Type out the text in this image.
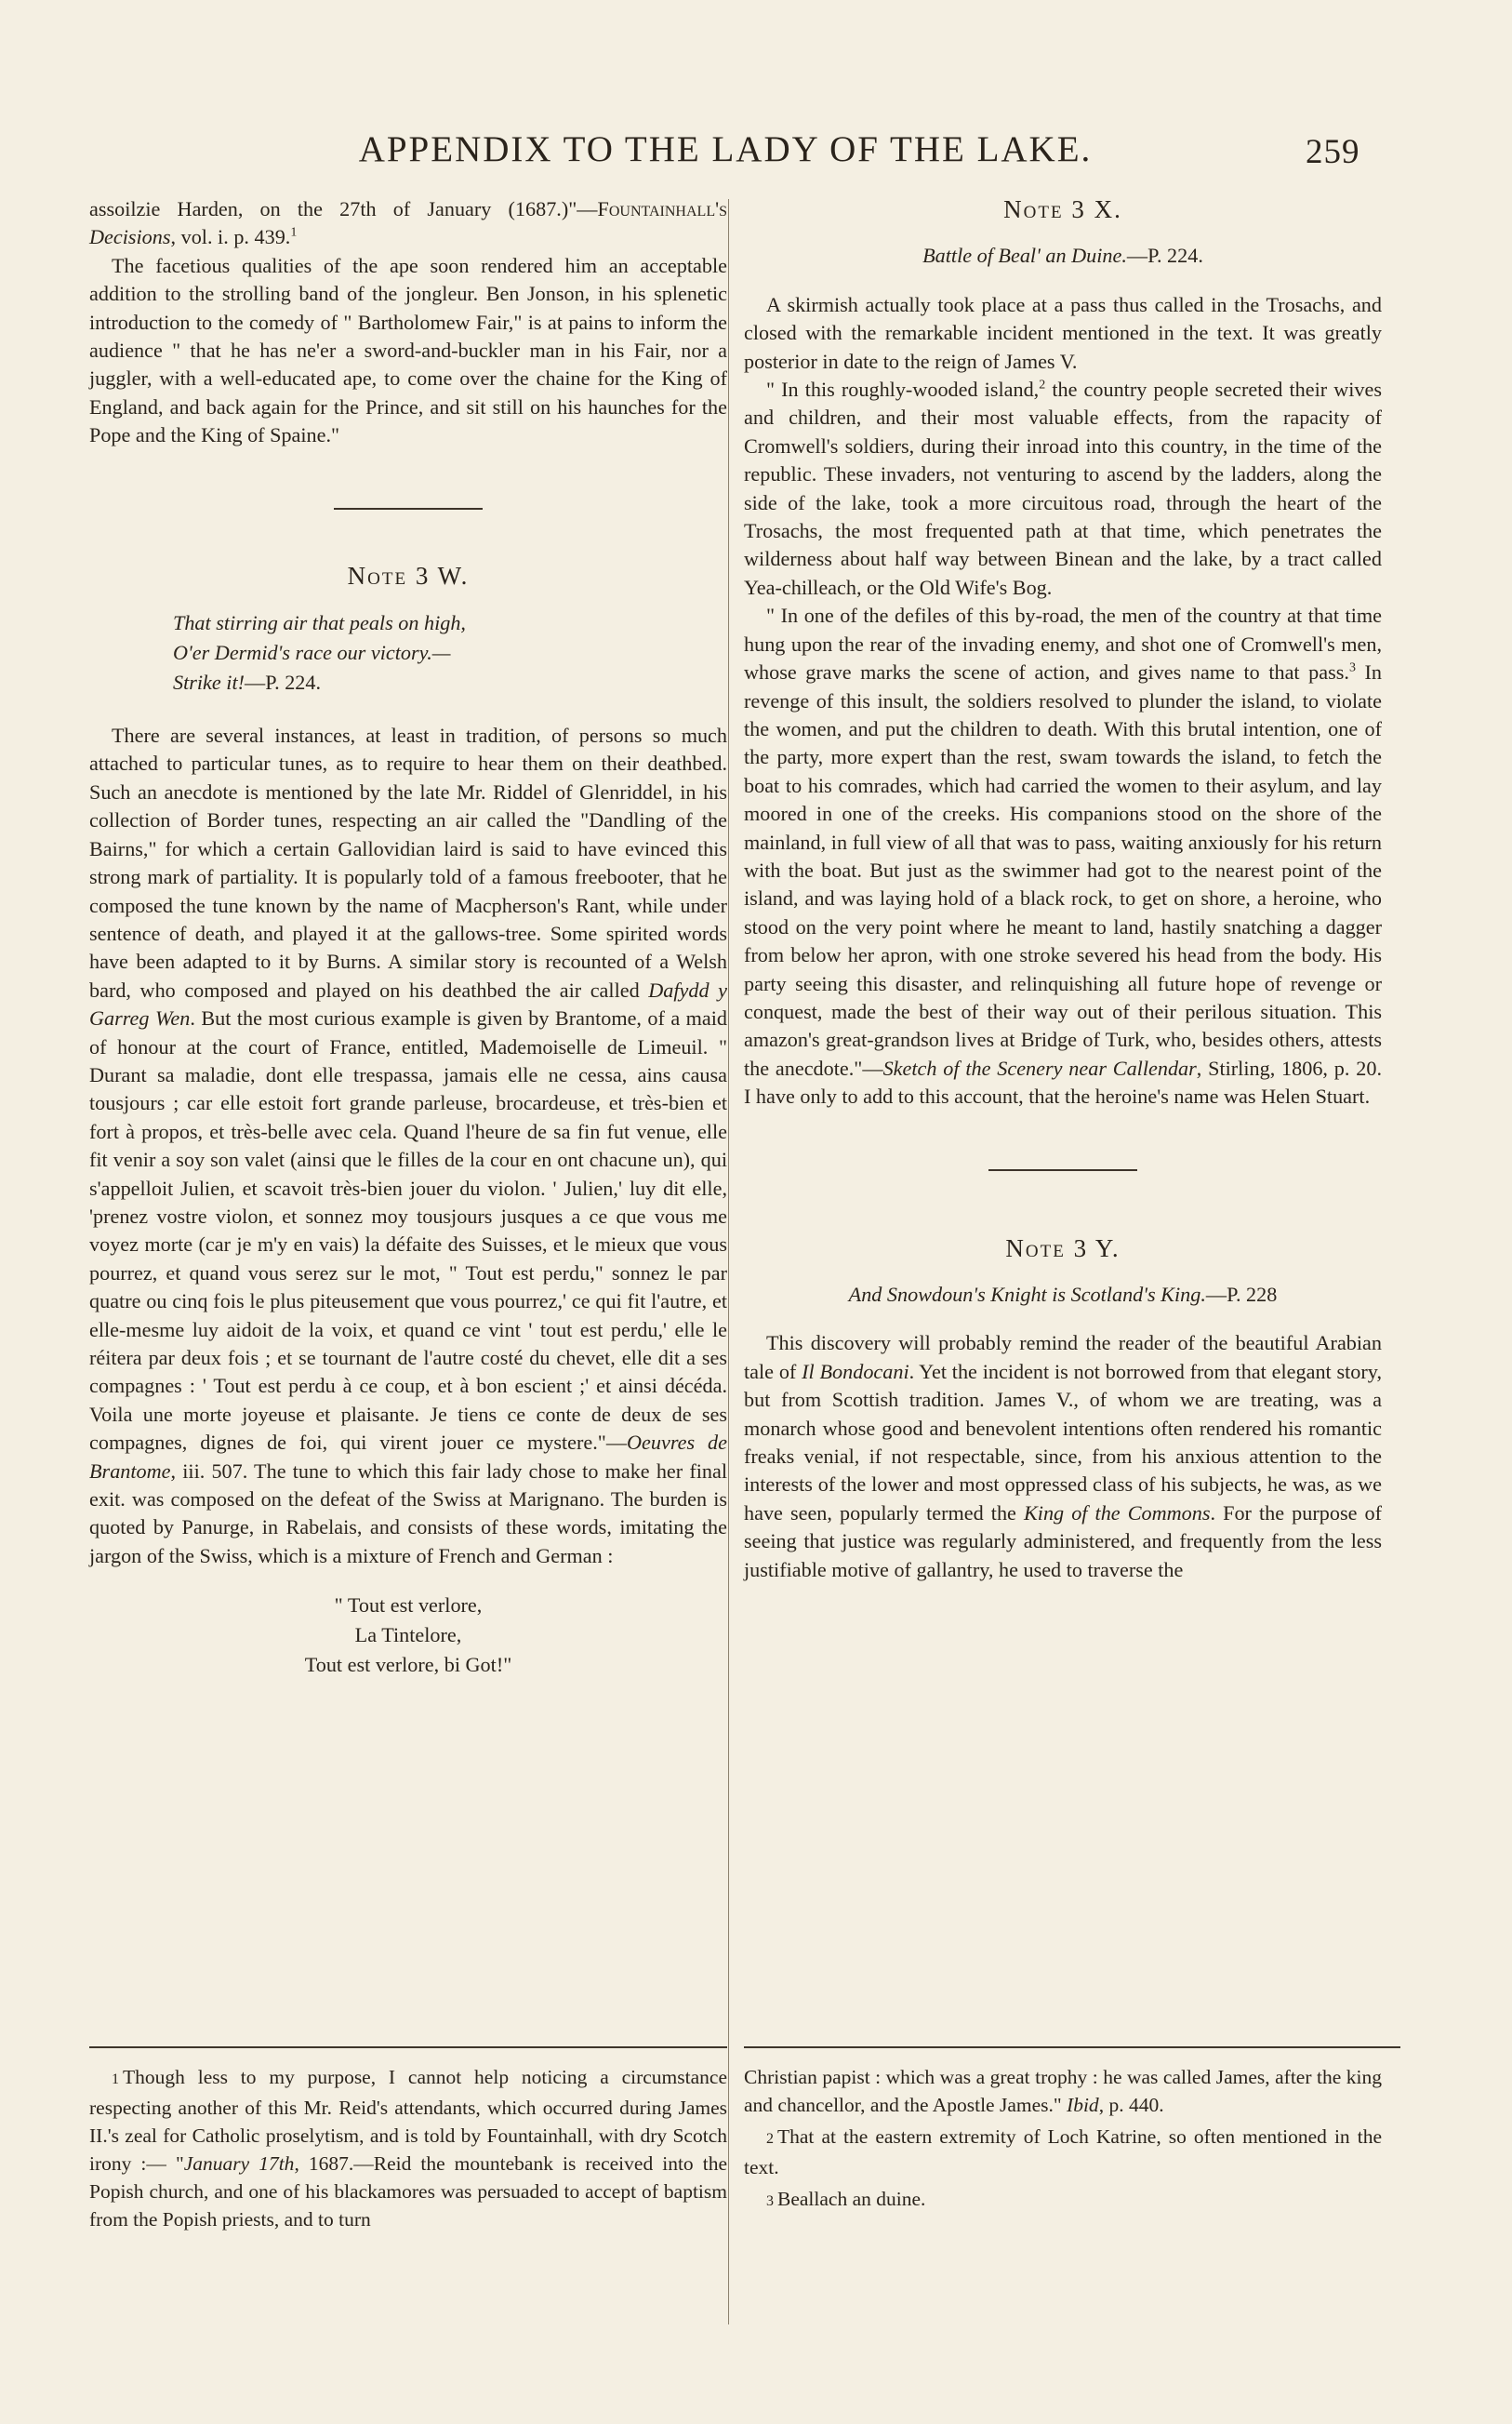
APPENDIX TO THE LADY OF THE LAKE.	259

assoilzie Harden, on the 27th of January (1687.)"—Fountainhall's Decisions, vol. i. p. 439.$^1$

The facetious qualities of the ape soon rendered him an acceptable addition to the strolling band of the jongleur. Ben Jonson, in his splenetic introduction to the comedy of " Bartholomew Fair," is at pains to inform the audience " that he has ne'er a sword-and-buckler man in his Fair, nor a juggler, with a well-educated ape, to come over the chaine for the King of England, and back again for the Prince, and sit still on his haunches for the Pope and the King of Spaine."

Note 3 W.
That stirring air that peals on high,
O'er Dermid's race our victory.—
Strike it!—P. 224.

There are several instances, at least in tradition, of persons so much attached to particular tunes, as to require to hear them on their deathbed. Such an anecdote is mentioned by the late Mr. Riddel of Glenriddel, in his collection of Border tunes, respecting an air called the "Dandling of the Bairns," for which a certain Gallovidian laird is said to have evinced this strong mark of partiality. It is popularly told of a famous freebooter, that he composed the tune known by the name of Macpherson's Rant, while under sentence of death, and played it at the gallows-tree. Some spirited words have been adapted to it by Burns. A similar story is recounted of a Welsh bard, who composed and played on his deathbed the air called Dafydd y Garreg Wen. But the most curious example is given by Brantome, of a maid of honour at the court of France, entitled, Mademoiselle de Limeuil. " Durant sa maladie, dont elle trespassa, jamais elle ne cessa, ains causa tousjours ; car elle estoit fort grande parleuse, brocardeuse, et très-bien et fort à propos, et très-belle avec cela. Quand l'heure de sa fin fut venue, elle fit venir a soy son valet (ainsi que le filles de la cour en ont chacune un), qui s'appelloit Julien, et scavoit très-bien jouer du violon. ' Julien,' luy dit elle, 'prenez vostre violon, et sonnez moy tousjours jusques a ce que vous me voyez morte (car je m'y en vais) la défaite des Suisses, et le mieux que vous pourrez, et quand vous serez sur le mot, " Tout est perdu," sonnez le par quatre ou cinq fois le plus piteusement que vous pourrez,' ce qui fit l'autre, et elle-mesme luy aidoit de la voix, et quand ce vint ' tout est perdu,' elle le réitera par deux fois ; et se tournant de l'autre costé du chevet, elle dit a ses compagnes : ' Tout est perdu à ce coup, et à bon escient ;' et ainsi décéda. Voila une morte joyeuse et plaisante. Je tiens ce conte de deux de ses compagnes, dignes de foi, qui virent jouer ce mystere."—Oeuvres de Brantome, iii. 507. The tune to which this fair lady chose to make her final exit. was composed on the defeat of the Swiss at Marignano. The burden is quoted by Panurge, in Rabelais, and consists of these words, imitating the jargon of the Swiss, which is a mixture of French and German :

" Tout est verlore,
La Tintelore,
Tout est verlore, bi Got!"
Note 3 X.
Battle of Beal' an Duine.—P. 224.

A skirmish actually took place at a pass thus called in the Trosachs, and closed with the remarkable incident mentioned in the text. It was greatly posterior in date to the reign of James V.

" In this roughly-wooded island,$^2$ the country people secreted their wives and children, and their most valuable effects, from the rapacity of Cromwell's soldiers, during their inroad into this country, in the time of the republic. These invaders, not venturing to ascend by the ladders, along the side of the lake, took a more circuitous road, through the heart of the Trosachs, the most frequented path at that time, which penetrates the wilderness about half way between Binean and the lake, by a tract called Yea-chilleach, or the Old Wife's Bog.

" In one of the defiles of this by-road, the men of the country at that time hung upon the rear of the invading enemy, and shot one of Cromwell's men, whose grave marks the scene of action, and gives name to that pass.$^3$ In revenge of this insult, the soldiers resolved to plunder the island, to violate the women, and put the children to death. With this brutal intention, one of the party, more expert than the rest, swam towards the island, to fetch the boat to his comrades, which had carried the women to their asylum, and lay moored in one of the creeks. His companions stood on the shore of the mainland, in full view of all that was to pass, waiting anxiously for his return with the boat. But just as the swimmer had got to the nearest point of the island, and was laying hold of a black rock, to get on shore, a heroine, who stood on the very point where he meant to land, hastily snatching a dagger from below her apron, with one stroke severed his head from the body. His party seeing this disaster, and relinquishing all future hope of revenge or conquest, made the best of their way out of their perilous situation. This amazon's great-grandson lives at Bridge of Turk, who, besides others, attests the anecdote."—Sketch of the Scenery near Callendar, Stirling, 1806, p. 20. I have only to add to this account, that the heroine's name was Helen Stuart.

Note 3 Y.
And Snowdoun's Knight is Scotland's King.—P. 228

This discovery will probably remind the reader of the beautiful Arabian tale of Il Bondocani. Yet the incident is not borrowed from that elegant story, but from Scottish tradition. James V., of whom we are treating, was a monarch whose good and benevolent intentions often rendered his romantic freaks venial, if not respectable, since, from his anxious attention to the interests of the lower and most oppressed class of his subjects, he was, as we have seen, popularly termed the King of the Commons. For the purpose of seeing that justice was regularly administered, and frequently from the less justifiable motive of gallantry, he used to traverse the

1 Though less to my purpose, I cannot help noticing a circumstance respecting another of this Mr. Reid's attendants, which occurred during James II.'s zeal for Catholic proselytism, and is told by Fountainhall, with dry Scotch irony :— "January 17th, 1687.—Reid the mountebank is received into the Popish church, and one of his blackamores was persuaded to accept of baptism from the Popish priests, and to turn

Christian papist : which was a great trophy : he was called James, after the king and chancellor, and the Apostle James." Ibid, p. 440.

2 That at the eastern extremity of Loch Katrine, so often mentioned in the text.

3 Beallach an duine.
